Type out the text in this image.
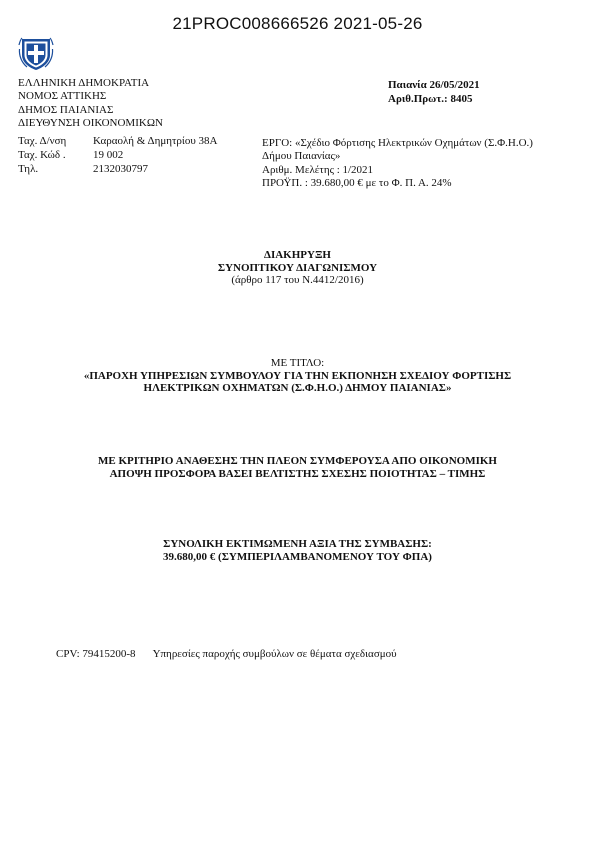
21PROC008666526 2021-05-26
ΕΛΛΗΝΙΚΗ ΔΗΜΟΚΡΑΤΙΑ
ΝΟΜΟΣ ΑΤΤΙΚΗΣ
ΔΗΜΟΣ ΠΑΙΑΝΙΑΣ
ΔΙΕΥΘΥΝΣΗ ΟΙΚΟΝΟΜΙΚΩΝ
Ταχ. Δ/νση Καραολή & Δημητρίου 38Α
Ταχ. Κώδ . 19 002
Τηλ.	2132030797
Παιανία 26/05/2021
Αριθ.Πρωτ.: 8405
ΕΡΓΟ: «Σχέδιο Φόρτισης Ηλεκτρικών Οχημάτων (Σ.Φ.Η.Ο.)
Δήμου Παιανίας»
Αριθμ. Μελέτης : 1/2021
ΠΡΟΫΠ. : 39.680,00 € με το Φ. Π. Α. 24%
ΔΙΑΚΗΡΥΞΗ
ΣΥΝΟΠΤΙΚΟΥ ΔΙΑΓΩΝΙΣΜΟΥ
(άρθρο 117 του Ν.4412/2016)
ΜΕ ΤΙΤΛΟ:
«ΠΑΡΟΧΗ ΥΠΗΡΕΣΙΩΝ ΣΥΜΒΟΥΛΟΥ ΓΙΑ ΤΗΝ ΕΚΠΟΝΗΣΗ ΣΧΕΔΙΟΥ ΦΟΡΤΙΣΗΣ
ΗΛΕΚΤΡΙΚΩΝ ΟΧΗΜΑΤΩΝ (Σ.Φ.Η.Ο.) ΔΗΜΟΥ ΠΑΙΑΝΙΑΣ»
ΜΕ ΚΡΙΤΗΡΙΟ ΑΝΑΘΕΣΗΣ ΤΗΝ ΠΛΕΟΝ ΣΥΜΦΕΡΟΥΣΑ ΑΠΟ ΟΙΚΟΝΟΜΙΚΗ
ΑΠΟΨΗ ΠΡΟΣΦΟΡΑ ΒΑΣΕΙ ΒΕΛΤΙΣΤΗΣ ΣΧΕΣΗΣ ΠΟΙΟΤΗΤΑΣ – ΤΙΜΗΣ
ΣΥΝΟΛΙΚΗ ΕΚΤΙΜΩΜΕΝΗ ΑΞΙΑ ΤΗΣ ΣΥΜΒΑΣΗΣ:
39.680,00 € (ΣΥΜΠΕΡΙΛΑΜΒΑΝΟΜΕΝΟΥ ΤΟΥ ΦΠΑ)
CPV: 79415200-8 Υπηρεσίες παροχής συμβούλων σε θέματα σχεδιασμού
